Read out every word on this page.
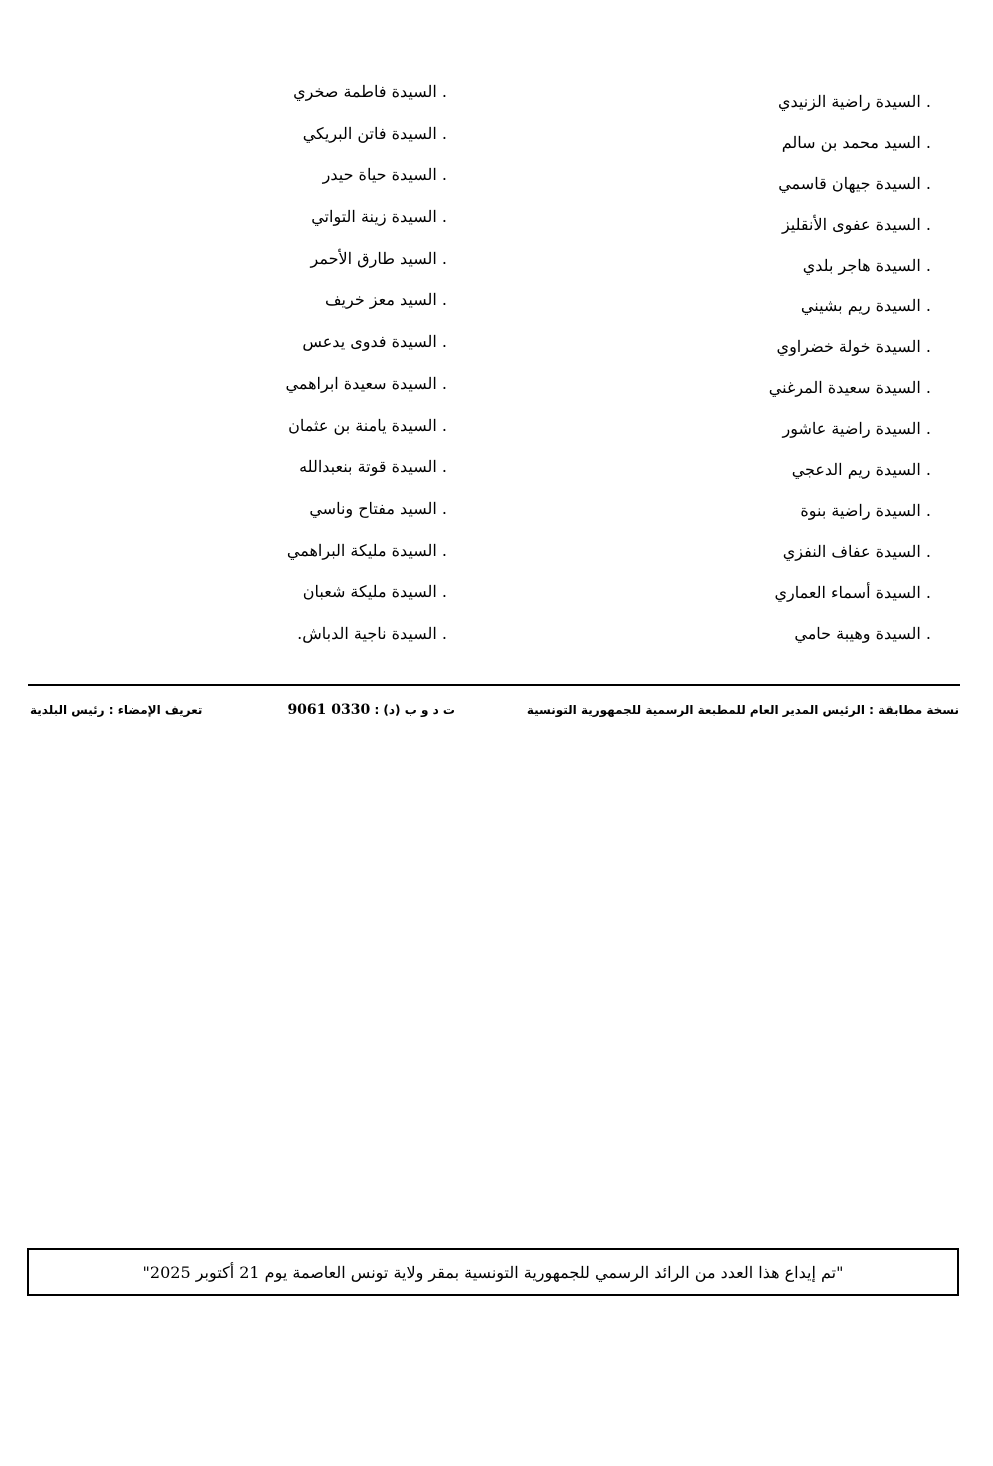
. السيدة راضية الزنيدي
. السيد محمد بن سالم
. السيدة جيهان قاسمي
. السيدة عفوى الأنقليز
. السيدة هاجر بلدي
. السيدة ريم بشيني
. السيدة خولة خضراوي
. السيدة سعيدة المرغني
. السيدة راضية عاشور
. السيدة ريم الدعجي
. السيدة راضية بنوة
. السيدة عفاف النفزي
. السيدة أسماء العماري
. السيدة وهيبة حامي
. السيدة فاطمة صخري
. السيدة فاتن البريكي
. السيدة حياة حيدر
. السيدة زينة التواتي
. السيد طارق الأحمر
. السيد معز خريف
. السيدة فدوى يدعس
. السيدة سعيدة ابراهمي
. السيدة يامنة بن عثمان
. السيدة قوتة بنعبدالله
. السيد مفتاح وناسي
. السيدة مليكة البراهمي
. السيدة مليكة شعبان
. السيدة ناجية الدباش.
نسخة مطابقة : الرئيس المدير العام للمطبعة الرسمية للجمهورية التونسية
ت د و ب (د) : 0330 9061
تعريف الإمضاء : رئيس البلدية
"تم إيداع هذا العدد من الرائد الرسمي للجمهورية التونسية بمقر ولاية تونس العاصمة يوم 21 أكتوبر 2025"
